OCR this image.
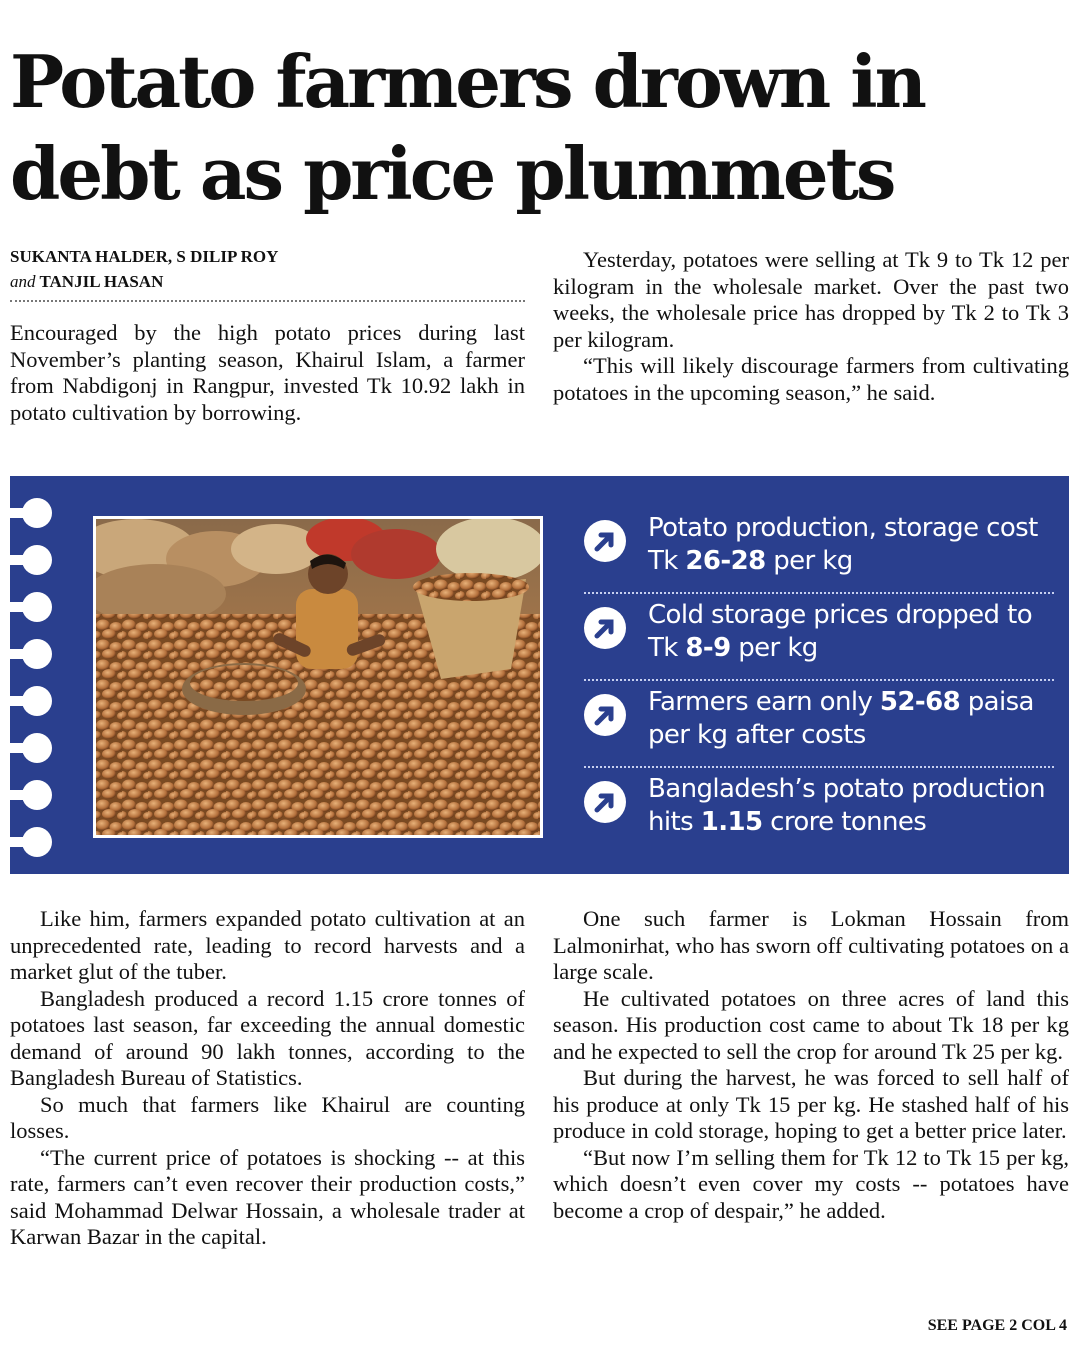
Potato farmers drown in debt as price plummets
SUKANTA HALDER, S DILIP ROY
and TANJIL HASAN

Encouraged by the high potato prices during last November’s planting season, Khairul Islam, a farmer from Nabdigonj in Rangpur, invested Tk 10.92 lakh in potato cultivation by borrowing.

Yesterday, potatoes were selling at Tk 9 to Tk 12 per kilogram in the wholesale market. Over the past two weeks, the wholesale price has dropped by Tk 2 to Tk 3 per kilogram.

“This will likely discourage farmers from cultivating potatoes in the upcoming season,” he said.

Potato production, storage cost Tk 26-28 per kg
Cold storage prices dropped to Tk 8-9 per kg
Farmers earn only 52-68 paisa per kg after costs
Bangladesh’s potato production hits 1.15 crore tonnes

Like him, farmers expanded potato cultivation at an unprecedented rate, leading to record harvests and a market glut of the tuber.

Bangladesh produced a record 1.15 crore tonnes of potatoes last season, far exceeding the annual domestic demand of around 90 lakh tonnes, according to the Bangladesh Bureau of Statistics.

So much that farmers like Khairul are counting losses.

“The current price of potatoes is shocking -- at this rate, farmers can’t even recover their production costs,” said Mohammad Delwar Hossain, a wholesale trader at Karwan Bazar in the capital.

One such farmer is Lokman Hossain from Lalmonirhat, who has sworn off cultivating potatoes on a large scale.

He cultivated potatoes on three acres of land this season. His production cost came to about Tk 18 per kg and he expected to sell the crop for around Tk 25 per kg.

But during the harvest, he was forced to sell half of his produce at only Tk 15 per kg. He stashed half of his produce in cold storage, hoping to get a better price later.

“But now I’m selling them for Tk 12 to Tk 15 per kg, which doesn’t even cover my costs -- potatoes have become a crop of despair,” he added.

SEE PAGE 2 COL 4
